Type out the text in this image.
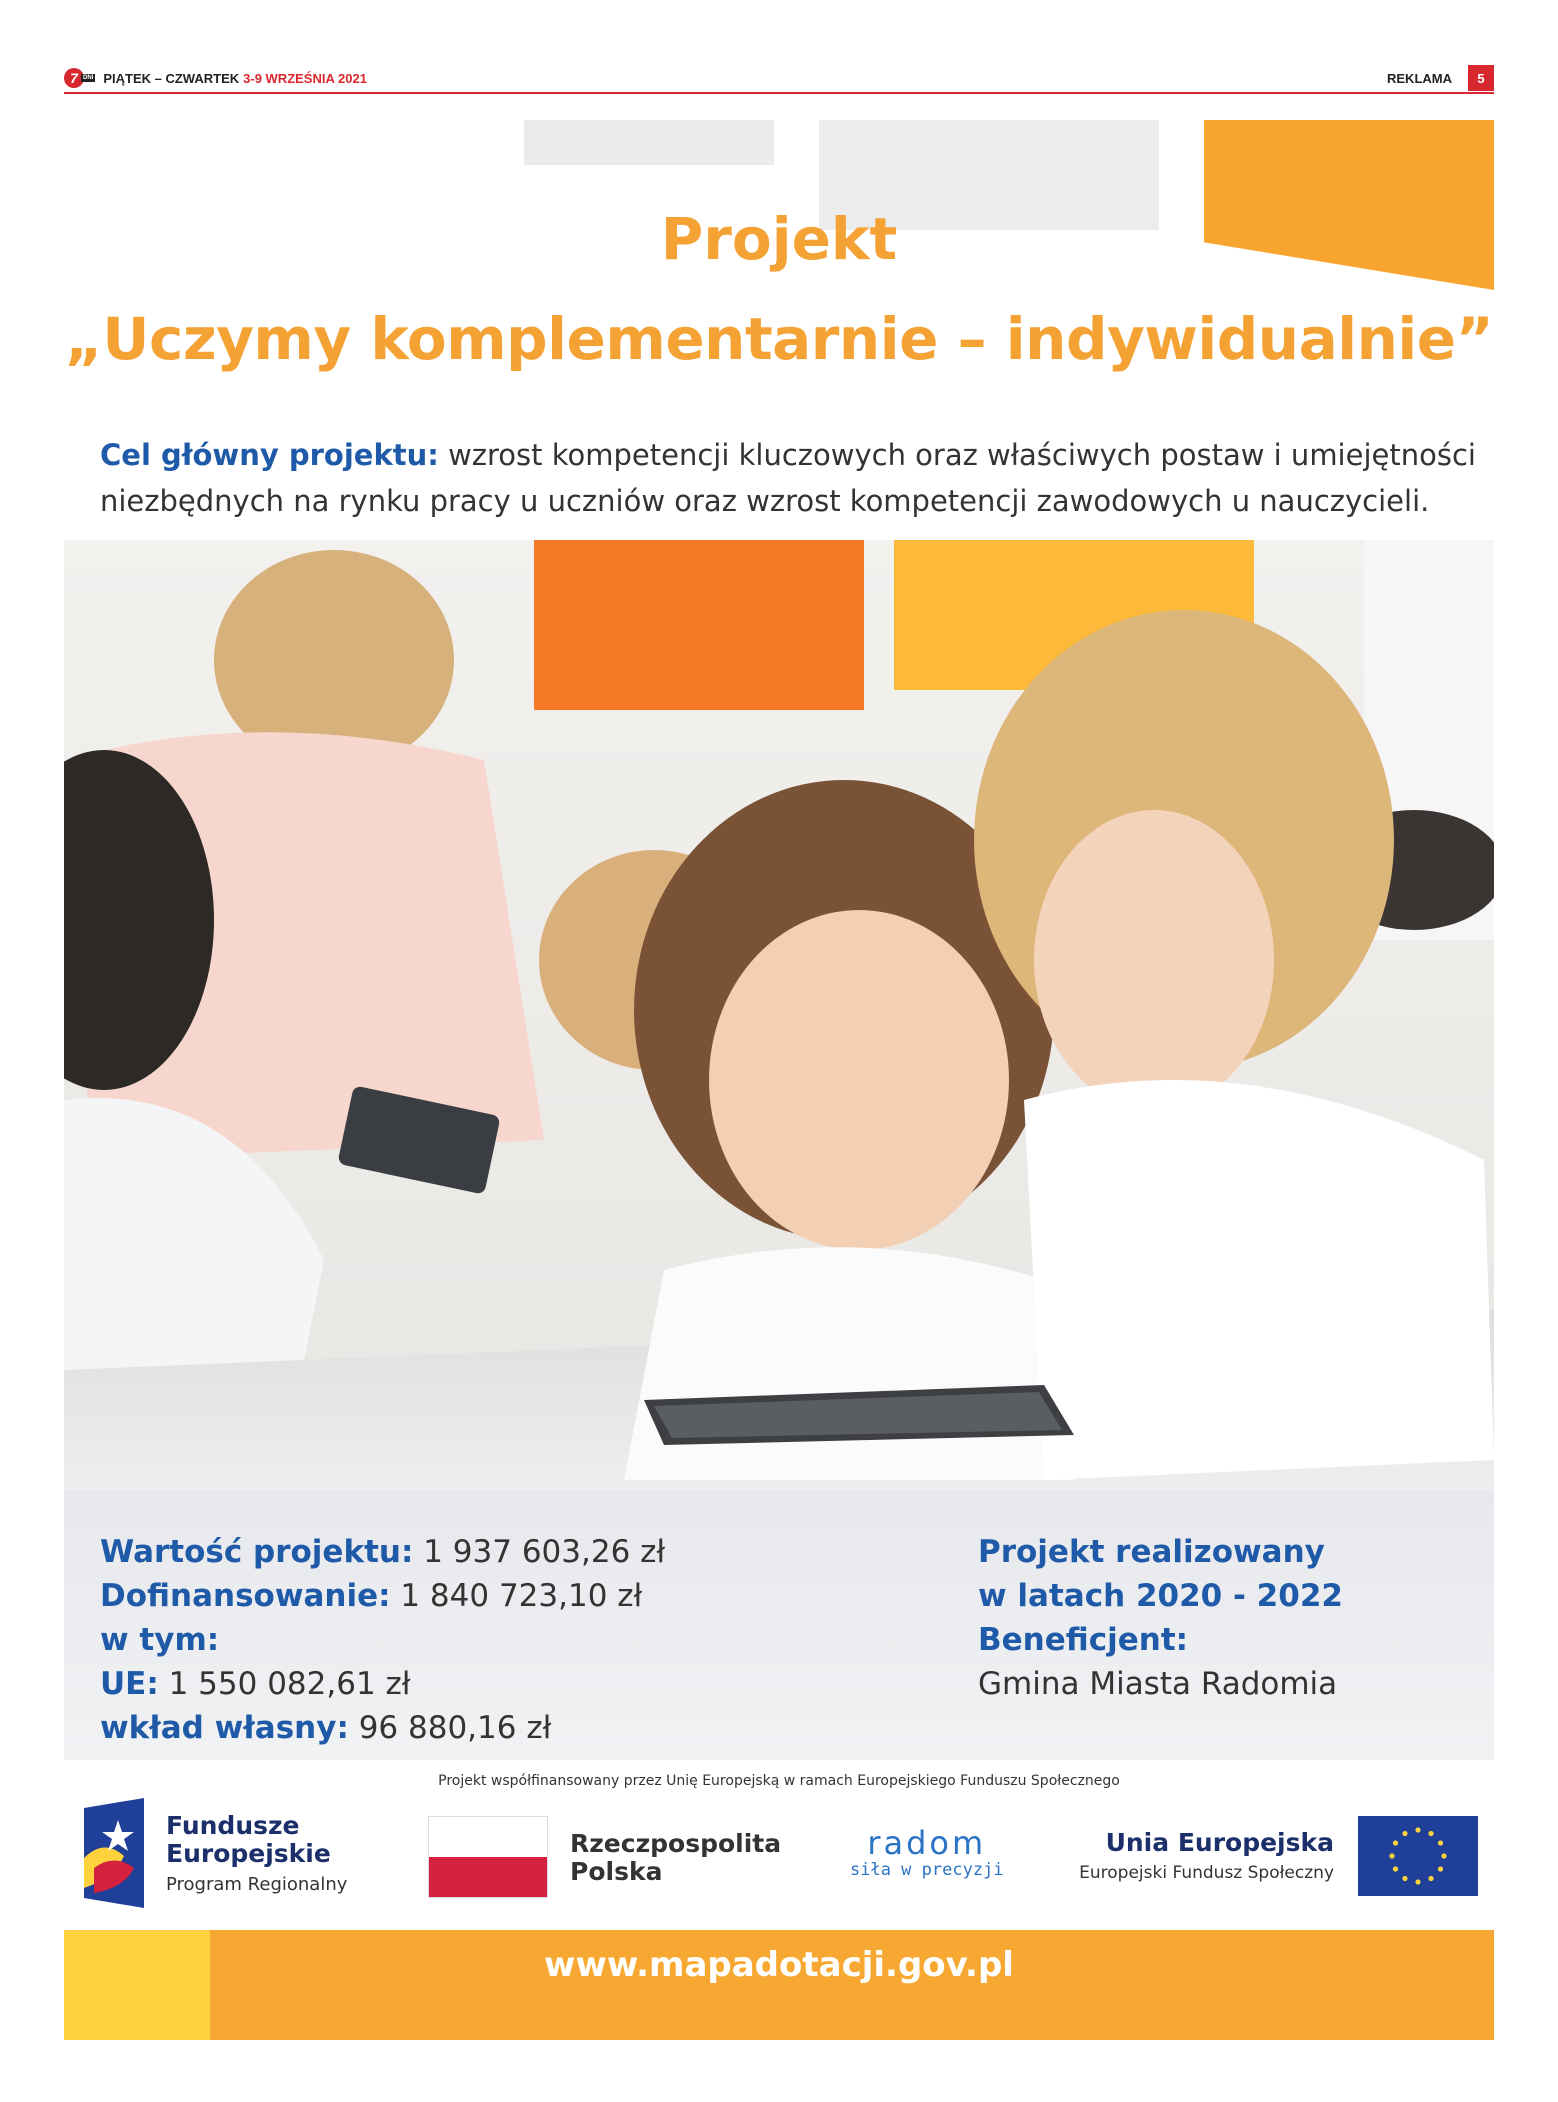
7 DNI PIĄTEK – CZWARTEK 3-9 WRZEŚNIA 2021	REKLAMA	5
Projekt
„Uczymy komplementarnie – indywidualnie”
Cel główny projektu: wzrost kompetencji kluczowych oraz właściwych postaw i umiejętności niezbędnych na rynku pracy u uczniów oraz wzrost kompetencji zawodowych u nauczycieli.
Wartość projektu: 1 937 603,26 zł
Dofinansowanie: 1 840 723,10 zł
w tym:
UE: 1 550 082,61 zł
wkład własny: 96 880,16 zł
Projekt realizowany
w latach 2020 - 2022
Beneficjent:
Gmina Miasta Radomia
Projekt współfinansowany przez Unię Europejską w ramach Europejskiego Funduszu Społecznego
Fundusze
Europejskie
Program Regionalny
Rzeczpospolita
Polska
radom
siła w precyzji
Unia Europejska
Europejski Fundusz Społeczny
www.mapadotacji.gov.pl
